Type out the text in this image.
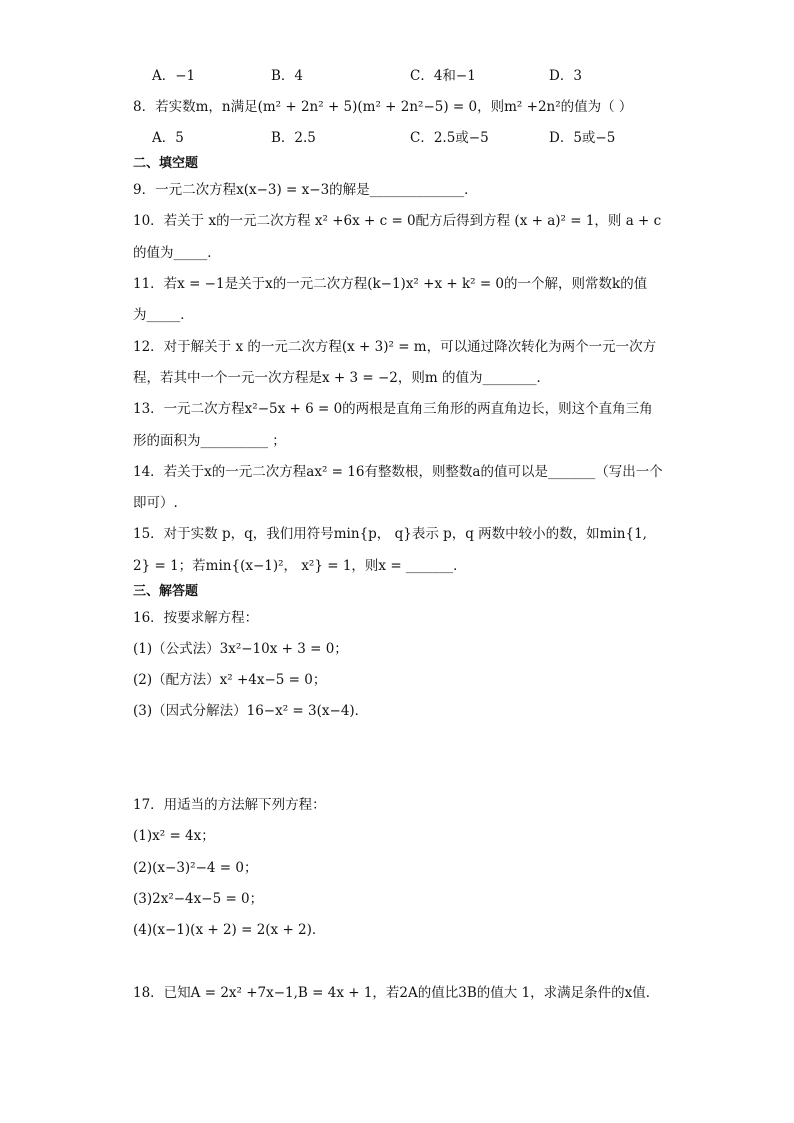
A．−1	B．4	C．4和−1	D．3
8．若实数m，n满足(m² + 2n² + 5)(m² + 2n²−5) = 0，则m² +2n²的值为（ ）
A．5	B．2.5	C．2.5或−5	D．5或−5
二、填空题
9．一元二次方程x(x−3) = x−3的解是______________．
10．若关于 x的一元二次方程 x² +6x + c = 0配方后得到方程 (x + a)² = 1，则 a + c
的值为_____．
11．若x = −1是关于x的一元二次方程(k−1)x² +x + k² = 0的一个解，则常数k的值
为_____．
12．对于解关于 x 的一元二次方程(x + 3)² = m，可以通过降次转化为两个一元一次方
程，若其中一个一元一次方程是x + 3 = −2，则m 的值为________．
13．一元二次方程x²−5x + 6 = 0的两根是直角三角形的两直角边长，则这个直角三角
形的面积为__________ ；
14．若关于x的一元二次方程ax² = 16有整数根，则整数a的值可以是_______（写出一个
即可）.
15．对于实数 p，q，我们用符号min{p， q}表示 p，q 两数中较小的数，如min{1,
2} = 1；若min{(x−1)²， x²} = 1，则x = _______．
三、解答题
16．按要求解方程：
(1)（公式法）3x²−10x + 3 = 0；
(2)（配方法）x² +4x−5 = 0；
(3)（因式分解法）16−x² = 3(x−4)．
17．用适当的方法解下列方程：
(1)x² = 4x；
(2)(x−3)²−4 = 0；
(3)2x²−4x−5 = 0；
(4)(x−1)(x + 2) = 2(x + 2)．
18．已知A = 2x² +7x−1,B = 4x + 1，若2A的值比3B的值大 1，求满足条件的x值．
